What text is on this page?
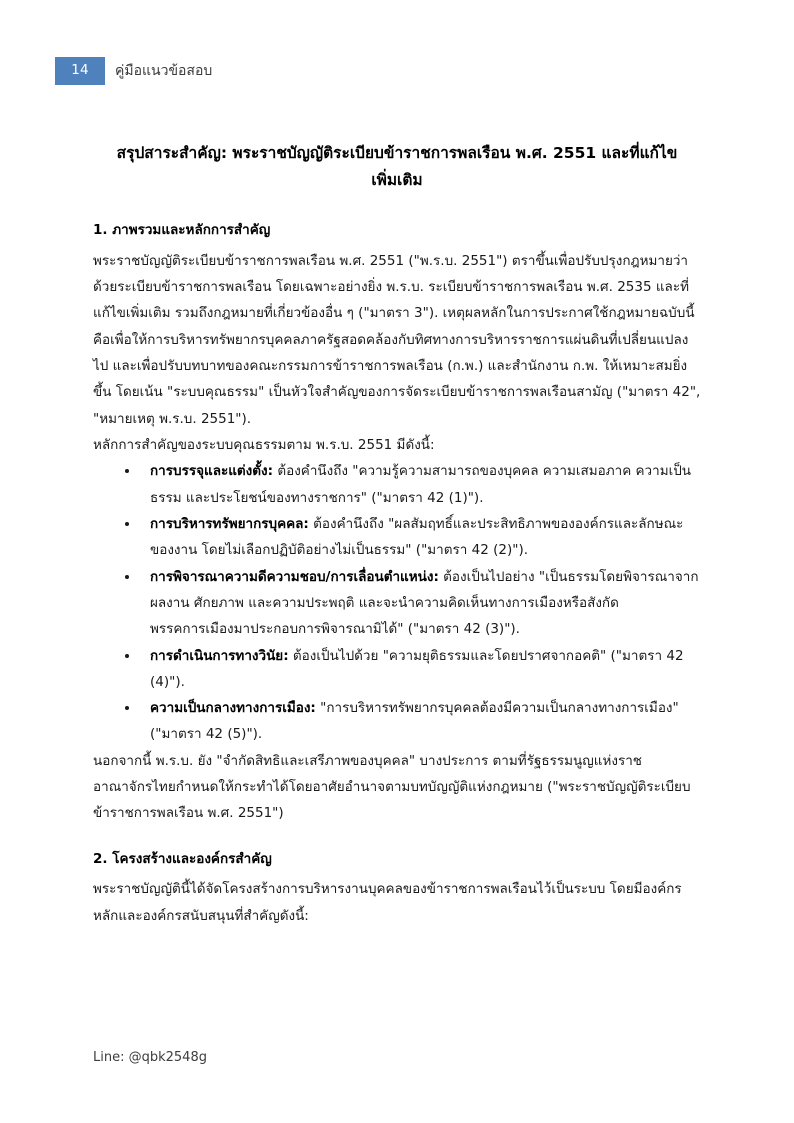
14	คู่มือแนวข้อสอบ
สรุปสาระสำคัญ: พระราชบัญญัติระเบียบข้าราชการพลเรือน พ.ศ. 2551 และที่แก้ไขเพิ่มเติม
1. ภาพรวมและหลักการสำคัญ

พระราชบัญญัติระเบียบข้าราชการพลเรือน พ.ศ. 2551 ("พ.ร.บ. 2551") ตราขึ้นเพื่อปรับปรุงกฎหมายว่าด้วยระเบียบข้าราชการพลเรือน โดยเฉพาะอย่างยิ่ง พ.ร.บ. ระเบียบข้าราชการพลเรือน พ.ศ. 2535 และที่แก้ไขเพิ่มเติม รวมถึงกฎหมายที่เกี่ยวข้องอื่น ๆ ("มาตรา 3"). เหตุผลหลักในการประกาศใช้กฎหมายฉบับนี้คือเพื่อให้การบริหารทรัพยากรบุคคลภาครัฐสอดคล้องกับทิศทางการบริหารราชการแผ่นดินที่เปลี่ยนแปลงไป และเพื่อปรับบทบาทของคณะกรรมการข้าราชการพลเรือน (ก.พ.) และสำนักงาน ก.พ. ให้เหมาะสมยิ่งขึ้น โดยเน้น "ระบบคุณธรรม" เป็นหัวใจสำคัญของการจัดระเบียบข้าราชการพลเรือนสามัญ ("มาตรา 42", "หมายเหตุ พ.ร.บ. 2551").

หลักการสำคัญของระบบคุณธรรมตาม พ.ร.บ. 2551 มีดังนี้:

การบรรจุและแต่งตั้ง: ต้องคำนึงถึง "ความรู้ความสามารถของบุคคล ความเสมอภาค ความเป็นธรรม และประโยชน์ของทางราชการ" ("มาตรา 42 (1)").
การบริหารทรัพยากรบุคคล: ต้องคำนึงถึง "ผลสัมฤทธิ์และประสิทธิภาพขององค์กรและลักษณะของงาน โดยไม่เลือกปฏิบัติอย่างไม่เป็นธรรม" ("มาตรา 42 (2)").
การพิจารณาความดีความชอบ/การเลื่อนตำแหน่ง: ต้องเป็นไปอย่าง "เป็นธรรมโดยพิจารณาจากผลงาน ศักยภาพ และความประพฤติ และจะนำความคิดเห็นทางการเมืองหรือสังกัดพรรคการเมืองมาประกอบการพิจารณามิได้" ("มาตรา 42 (3)").
การดำเนินการทางวินัย: ต้องเป็นไปด้วย "ความยุติธรรมและโดยปราศจากอคติ" ("มาตรา 42 (4)").
ความเป็นกลางทางการเมือง: "การบริหารทรัพยากรบุคคลต้องมีความเป็นกลางทางการเมือง" ("มาตรา 42 (5)").

นอกจากนี้ พ.ร.บ. ยัง "จำกัดสิทธิและเสรีภาพของบุคคล" บางประการ ตามที่รัฐธรรมนูญแห่งราชอาณาจักรไทยกำหนดให้กระทำได้โดยอาศัยอำนาจตามบทบัญญัติแห่งกฎหมาย ("พระราชบัญญัติระเบียบข้าราชการพลเรือน พ.ศ. 2551")

2. โครงสร้างและองค์กรสำคัญ

พระราชบัญญัตินี้ได้จัดโครงสร้างการบริหารงานบุคคลของข้าราชการพลเรือนไว้เป็นระบบ โดยมีองค์กรหลักและองค์กรสนับสนุนที่สำคัญดังนี้:

Line: @qbk2548g
